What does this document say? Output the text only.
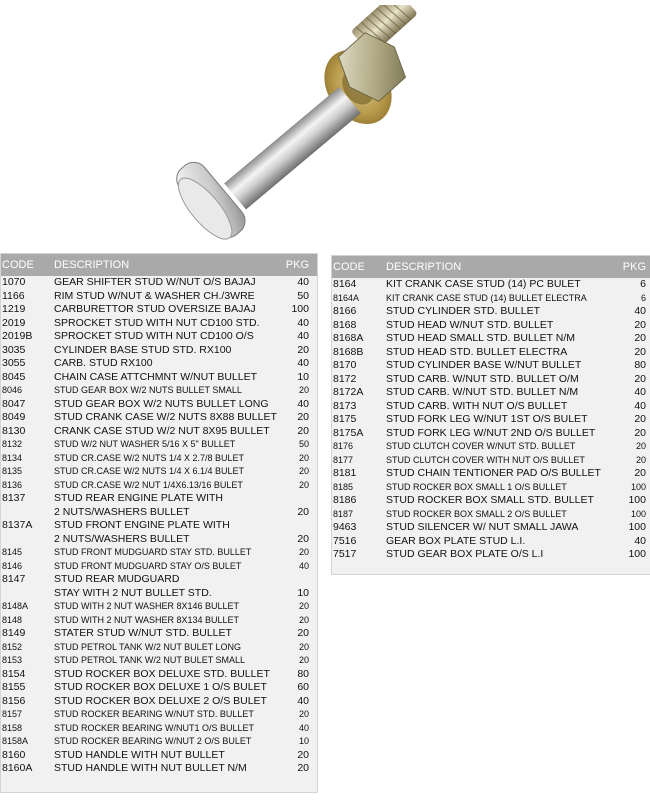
CODE DESCRIPTION	PKG
1070	GEAR SHIFTER STUD W/NUT O/S BAJAJ	40
1166	RIM STUD W/NUT & WASHER CH./3WRE	50
1219	CARBURETTOR STUD OVERSIZE BAJAJ	100
2019	SPROCKET STUD WITH NUT CD100 STD.	40
2019B SPROCKET STUD WITH NUT CD100 O/S	40
3035	CYLINDER BASE STUD STD. RX100	20
3055	CARB. STUD RX100	40
8045	CHAIN CASE ATTCHMNT W/NUT BULLET	10
8046	STUD GEAR BOX W/2 NUTS BULLET SMALL	20
8047	STUD GEAR BOX W/2 NUTS BULLET LONG	40
8049	STUD CRANK CASE W/2 NUTS 8X88 BULLET 20
8130	CRANK CASE STUD W/2 NUT 8X95 BULLET	20
8132	STUD W/2 NUT WASHER 5/16 X 5" BULLET	50
8134	STUD CR.CASE W/2 NUTS 1/4 X 2.7/8 BULET	20
8135	STUD CR.CASE W/2 NUTS 1/4 X 6.1/4 BULET	20
8136	STUD CR.CASE W/2 NUT 1/4X6.13/16 BULET	20
8137	STUD REAR ENGINE PLATE WITH
2 NUTS/WASHERS BULLET	20
8137A STUD FRONT ENGINE PLATE WITH
2 NUTS/WASHERS BULLET	20
8145	STUD FRONT MUDGUARD STAY STD. BULLET	20
8146	STUD FRONT MUDGUARD STAY O/S BULET	40
8147	STUD REAR MUDGUARD
STAY WITH 2 NUT BULLET STD.	10
8148A	STUD WITH 2 NUT WASHER 8X146 BULLET	20
8148	STUD WITH 2 NUT WASHER 8X134 BULLET	20
8149	STATER STUD W/NUT STD. BULLET	20
8152	STUD PETROL TANK W/2 NUT BULET LONG	20
8153	STUD PETROL TANK W/2 NUT BULET SMALL	20
8154	STUD ROCKER BOX DELUXE STD. BULLET	80
8155	STUD ROCKER BOX DELUXE 1 O/S BULET	60
8156	STUD ROCKER BOX DELUXE 2 O/S BULET	40
8157	STUD ROCKER BEARING W/NUT STD. BULLET	20
8158	STUD ROCKER BEARING W/NUT1 O/S BULLET	40
8158A	STUD ROCKER BEARING W/NUT 2 O/S BULET	10
8160	STUD HANDLE WITH NUT BULLET	20
8160A STUD HANDLE WITH NUT BULLET N/M	20
CODE DESCRIPTION	PKG
8164	KIT CRANK CASE STUD (14) PC BULET	6
8164A	KIT CRANK CASE STUD (14) BULLET ELECTRA	6
8166	STUD CYLINDER STD. BULLET	40
8168	STUD HEAD W/NUT STD. BULLET	20
8168A STUD HEAD SMALL STD. BULLET N/M	20
8168B STUD HEAD STD. BULLET ELECTRA	20
8170	STUD CYLINDER BASE W/NUT BULLET	80
8172	STUD CARB. W/NUT STD. BULLET O/M	20
8172A STUD CARB. W/NUT STD. BULLET N/M	40
8173	STUD CARB. WITH NUT O/S BULLET	40
8175	STUD FORK LEG W/NUT 1ST O/S BULET	20
8175A STUD FORK LEG W/NUT 2ND O/S BULLET	20
8176	STUD CLUTCH COVER W/NUT STD. BULLET	20
8177	STUD CLUTCH COVER WITH NUT O/S BULLET	20
8181	STUD CHAIN TENTIONER PAD O/S BULLET	20
8185	STUD ROCKER BOX SMALL 1 O/S BULLET	100
8186	STUD ROCKER BOX SMALL STD. BULLET	100
8187	STUD ROCKER BOX SMALL 2 O/S BULLET	100
9463	STUD SILENCER W/ NUT SMALL JAWA	100
7516	GEAR BOX PLATE STUD L.I.	40
7517	STUD GEAR BOX PLATE O/S L.I	100
